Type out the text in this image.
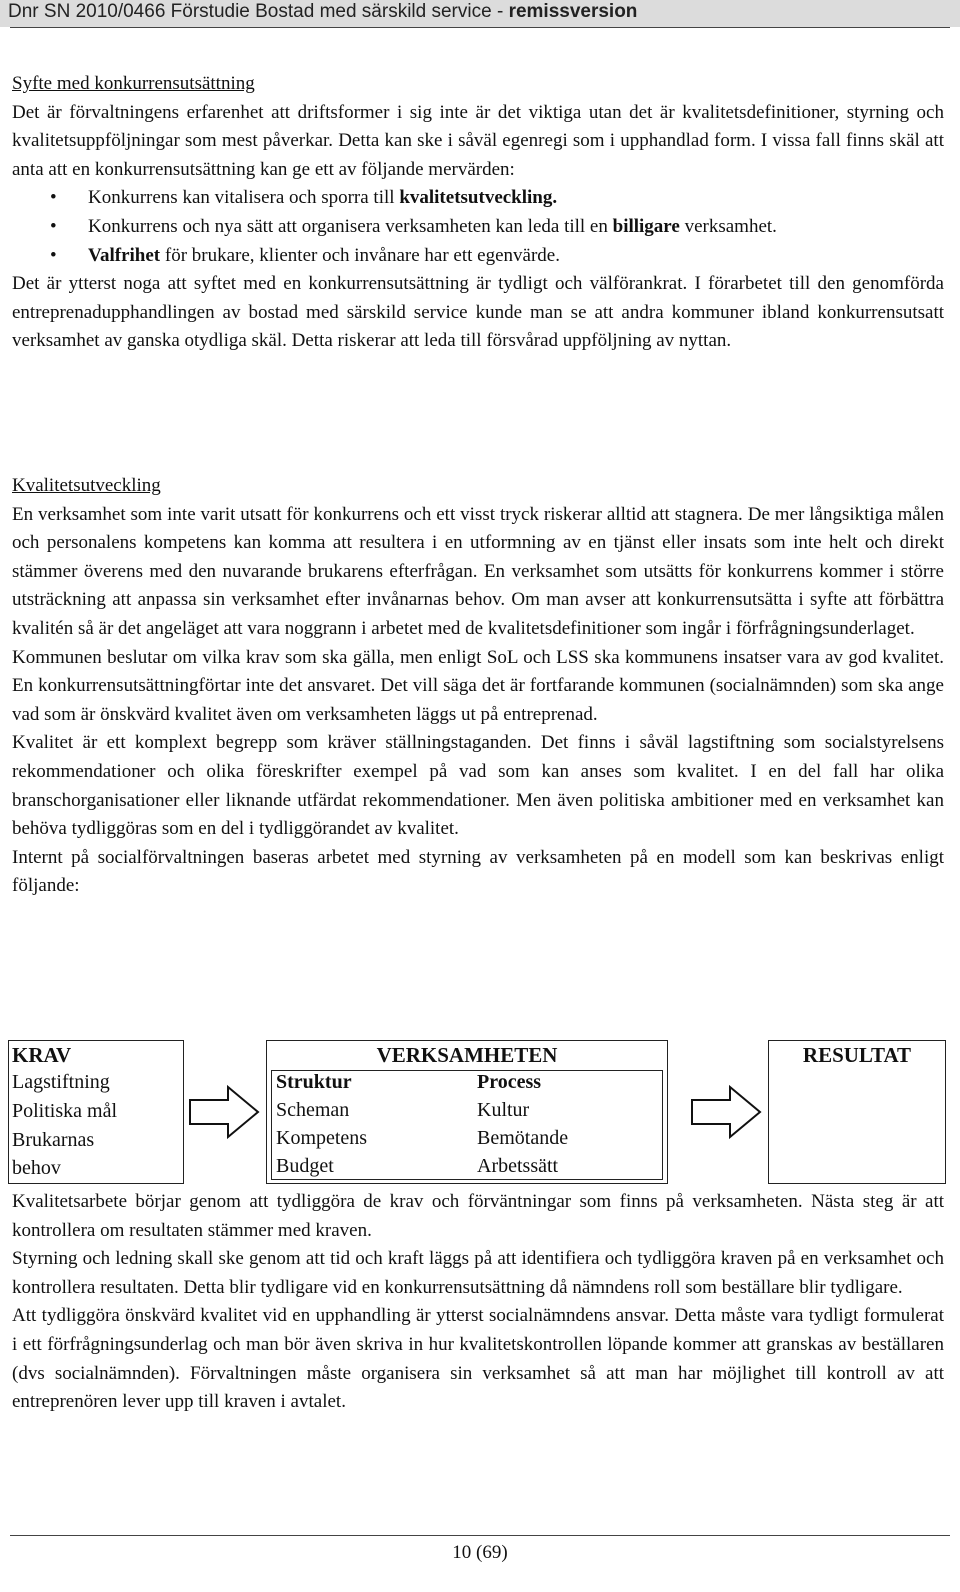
Dnr SN 2010/0466 Förstudie Bostad med särskild service - remissversion

Syfte med konkurrensutsättning

Det är förvaltningens erfarenhet att driftsformer i sig inte är det viktiga utan det är kvalitetsdefinitioner, styrning och kvalitetsuppföljningar som mest påverkar. Detta kan ske i såväl egenregi som i upphandlad form. I vissa fall finns skäl att anta att en konkurrensutsättning kan ge ett av följande mervärden:

• Konkurrens kan vitalisera och sporra till kvalitetsutveckling.
• Konkurrens och nya sätt att organisera verksamheten kan leda till en billigare verksamhet.
• Valfrihet för brukare, klienter och invånare har ett egenvärde.

Det är ytterst noga att syftet med en konkurrensutsättning är tydligt och välförankrat. I förarbetet till den genomförda entreprenadupphandlingen av bostad med särskild service kunde man se att andra kommuner ibland konkurrensutsatt verksamhet av ganska otydliga skäl. Detta riskerar att leda till försvårad uppföljning av nyttan.

Kvalitetsutveckling

En verksamhet som inte varit utsatt för konkurrens och ett visst tryck riskerar alltid att stagnera. De mer långsiktiga målen och personalens kompetens kan komma att resultera i en utformning av en tjänst eller insats som inte helt och direkt stämmer överens med den nuvarande brukarens efterfrågan. En verksamhet som utsätts för konkurrens kommer i större utsträckning att anpassa sin verksamhet efter invånarnas behov. Om man avser att konkurrensutsätta i syfte att förbättra kvalitén så är det angeläget att vara noggrann i arbetet med de kvalitetsdefinitioner som ingår i förfrågningsunderlaget.

Kommunen beslutar om vilka krav som ska gälla, men enligt SoL och LSS ska kommunens insatser vara av god kvalitet. En konkurrensutsättningförtar inte det ansvaret. Det vill säga det är fortfarande kommunen (socialnämnden) som ska ange vad som är önskvärd kvalitet även om verksamheten läggs ut på entreprenad.

Kvalitet är ett komplext begrepp som kräver ställningstaganden. Det finns i såväl lagstiftning som socialstyrelsens rekommendationer och olika föreskrifter exempel på vad som kan anses som kvalitet. I en del fall har olika branschorganisationer eller liknande utfärdat rekommendationer. Men även politiska ambitioner med en verksamhet kan behöva tydliggöras som en del i tydliggörandet av kvalitet.

Internt på socialförvaltningen baseras arbetet med styrning av verksamheten på en modell som kan beskrivas enligt följande:

KRAV
Lagstiftning
Politiska mål
Brukarnas
behov
VERKSAMHETEN
Struktur
Scheman
Kompetens
Budget
Process
Kultur
Bemötande
Arbetssätt
RESULTAT

Kvalitetsarbete börjar genom att tydliggöra de krav och förväntningar som finns på verksamheten. Nästa steg är att kontrollera om resultaten stämmer med kraven.

Styrning och ledning skall ske genom att tid och kraft läggs på att identifiera och tydliggöra kraven på en verksamhet och kontrollera resultaten. Detta blir tydligare vid en konkurrensutsättning då nämndens roll som beställare blir tydligare.

Att tydliggöra önskvärd kvalitet vid en upphandling är ytterst socialnämndens ansvar. Detta måste vara tydligt formulerat i ett förfrågningsunderlag och man bör även skriva in hur kvalitetskontrollen löpande kommer att granskas av beställaren (dvs socialnämnden). Förvaltningen måste organisera sin verksamhet så att man har möjlighet till kontroll av att entreprenören lever upp till kraven i avtalet.

10 (69)
